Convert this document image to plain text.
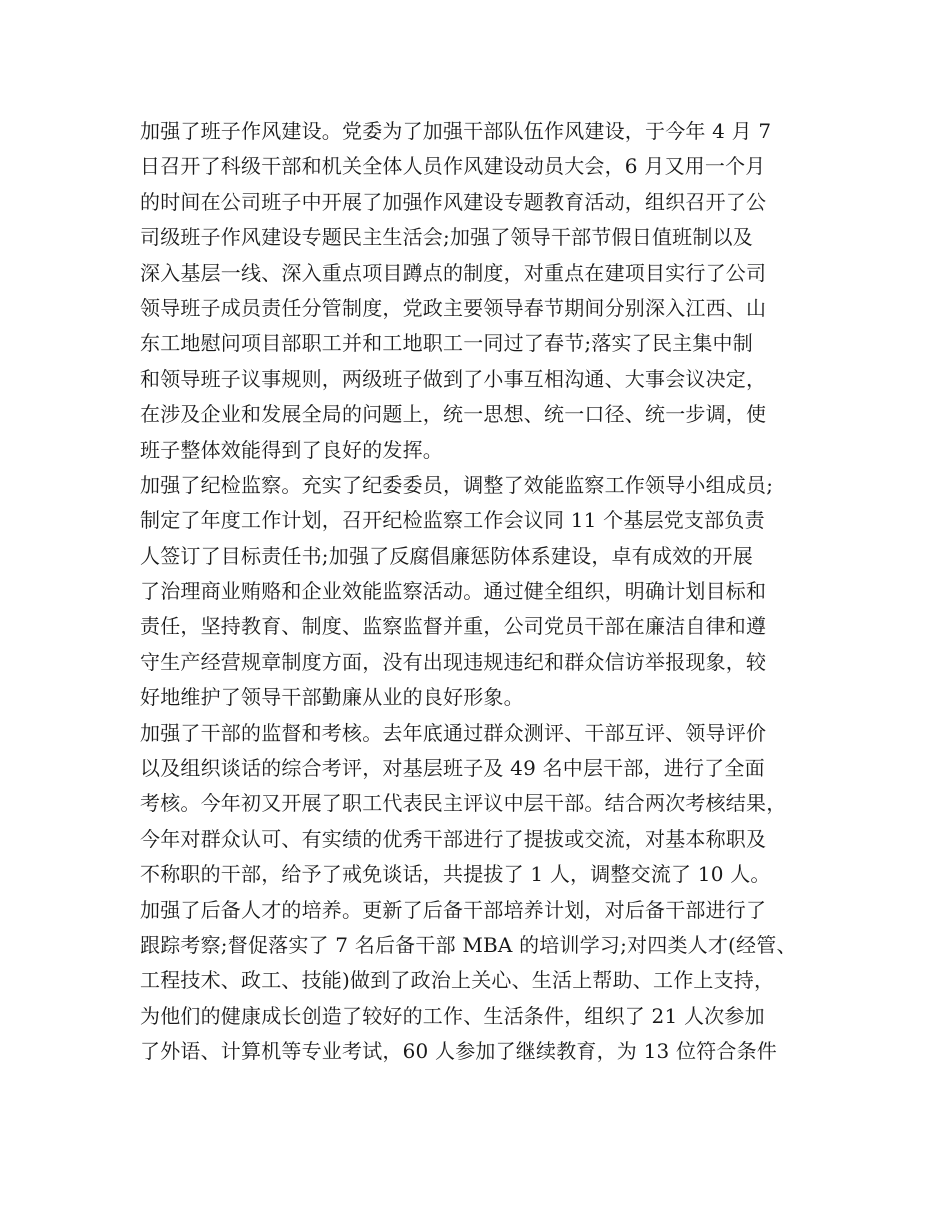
加强了班子作风建设。党委为了加强干部队伍作风建设，于今年 4 月 7
日召开了科级干部和机关全体人员作风建设动员大会，6 月又用一个月
的时间在公司班子中开展了加强作风建设专题教育活动，组织召开了公
司级班子作风建设专题民主生活会;加强了领导干部节假日值班制以及
深入基层一线、深入重点项目蹲点的制度，对重点在建项目实行了公司
领导班子成员责任分管制度，党政主要领导春节期间分别深入江西、山
东工地慰问项目部职工并和工地职工一同过了春节;落实了民主集中制
和领导班子议事规则，两级班子做到了小事互相沟通、大事会议决定，
在涉及企业和发展全局的问题上，统一思想、统一口径、统一步调，使
班子整体效能得到了良好的发挥。
加强了纪检监察。充实了纪委委员，调整了效能监察工作领导小组成员;
制定了年度工作计划，召开纪检监察工作会议同 11 个基层党支部负责
人签订了目标责任书;加强了反腐倡廉惩防体系建设，卓有成效的开展
了治理商业贿赂和企业效能监察活动。通过健全组织，明确计划目标和
责任，坚持教育、制度、监察监督并重，公司党员干部在廉洁自律和遵
守生产经营规章制度方面，没有出现违规违纪和群众信访举报现象，较
好地维护了领导干部勤廉从业的良好形象。
加强了干部的监督和考核。去年底通过群众测评、干部互评、领导评价
以及组织谈话的综合考评，对基层班子及 49 名中层干部，进行了全面
考核。今年初又开展了职工代表民主评议中层干部。结合两次考核结果，
今年对群众认可、有实绩的优秀干部进行了提拔或交流，对基本称职及
不称职的干部，给予了戒免谈话，共提拔了 1 人，调整交流了 10 人。
加强了后备人才的培养。更新了后备干部培养计划，对后备干部进行了
跟踪考察;督促落实了 7 名后备干部 MBA 的培训学习;对四类人才(经管、
工程技术、政工、技能)做到了政治上关心、生活上帮助、工作上支持，
为他们的健康成长创造了较好的工作、生活条件，组织了 21 人次参加
了外语、计算机等专业考试，60 人参加了继续教育，为 13 位符合条件
